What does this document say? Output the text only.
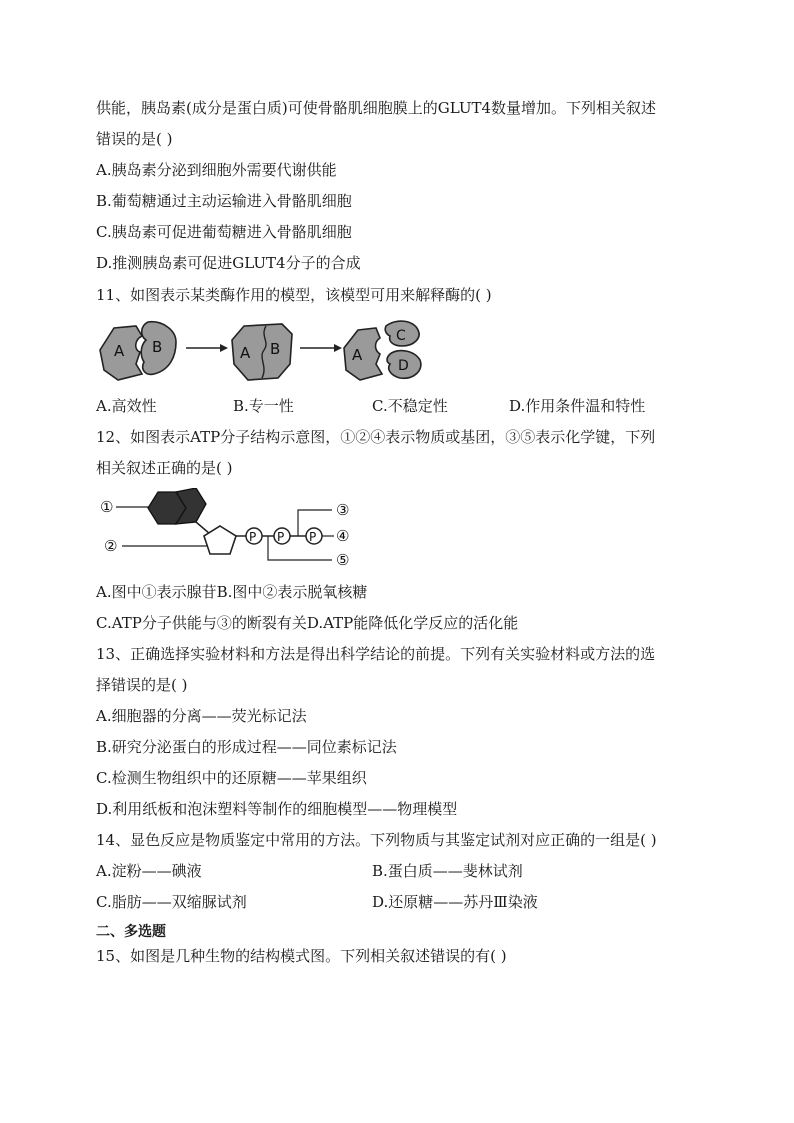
供能，胰岛素(成分是蛋白质)可使骨骼肌细胞膜上的GLUT4数量增加。下列相关叙述
错误的是( )
A.胰岛素分泌到细胞外需要代谢供能
B.葡萄糖通过主动运输进入骨骼肌细胞
C.胰岛素可促进葡萄糖进入骨骼肌细胞
D.推测胰岛素可促进GLUT4分子的合成
11、如图表示某类酶作用的模型，该模型可用来解释酶的( )
A B	A B	A
C
D
A.高效性	B.专一性	C.不稳定性	D.作用条件温和特性
12、如图表示ATP分子结构示意图，①②④表示物质或基团，③⑤表示化学键，下列
相关叙述正确的是( )
①
②	P P P
③
④
⑤
A.图中①表示腺苷B.图中②表示脱氧核糖
C.ATP分子供能与③的断裂有关D.ATP能降低化学反应的活化能
13、正确选择实验材料和方法是得出科学结论的前提。下列有关实验材料或方法的选
择错误的是( )
A.细胞器的分离——荧光标记法
B.研究分泌蛋白的形成过程——同位素标记法
C.检测生物组织中的还原糖——苹果组织
D.利用纸板和泡沫塑料等制作的细胞模型——物理模型
14、显色反应是物质鉴定中常用的方法。下列物质与其鉴定试剂对应正确的一组是( )
A.淀粉——碘液	B.蛋白质——斐林试剂
C.脂肪——双缩脲试剂	D.还原糖——苏丹Ⅲ染液
二、多选题
15、如图是几种生物的结构模式图。下列相关叙述错误的有( )
